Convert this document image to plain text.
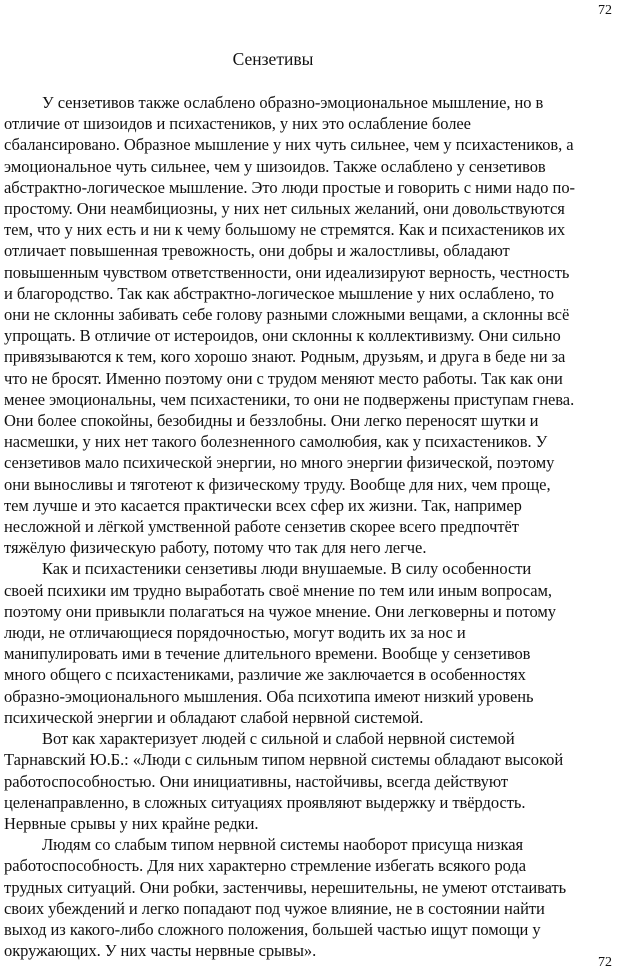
72
Сензетивы

У сензетивов также ослаблено образно-эмоциональное мышление, но в
отличие от шизоидов и психастеников, у них это ослабление более
сбалансировано. Образное мышление у них чуть сильнее, чем у психастеников, а
эмоциональное чуть сильнее, чем у шизоидов. Также ослаблено у сензетивов
абстрактно-логическое мышление. Это люди простые и говорить с ними надо по-
простому. Они неамбициозны, у них нет сильных желаний, они довольствуются
тем, что у них есть и ни к чему большому не стремятся. Как и психастеников их
отличает повышенная тревожность, они добры и жалостливы, обладают
повышенным чувством ответственности, они идеализируют верность, честность
и благородство. Так как абстрактно-логическое мышление у них ослаблено, то
они не склонны забивать себе голову разными сложными вещами, а склонны всё
упрощать. В отличие от истероидов, они склонны к коллективизму. Они сильно
привязываются к тем, кого хорошо знают. Родным, друзьям, и друга в беде ни за
что не бросят. Именно поэтому они с трудом меняют место работы. Так как они
менее эмоциональны, чем психастеники, то они не подвержены приступам гнева.
Они более спокойны, безобидны и беззлобны. Они легко переносят шутки и
насмешки, у них нет такого болезненного самолюбия, как у психастеников. У
сензетивов мало психической энергии, но много энергии физической, поэтому
они выносливы и тяготеют к физическому труду. Вообще для них, чем проще,
тем лучше и это касается практически всех сфер их жизни. Так, например
несложной и лёгкой умственной работе сензетив скорее всего предпочтёт
тяжёлую физическую работу, потому что так для него легче.

Как и психастеники сензетивы люди внушаемые. В силу особенности
своей психики им трудно выработать своё мнение по тем или иным вопросам,
поэтому они привыкли полагаться на чужое мнение. Они легковерны и потому
люди, не отличающиеся порядочностью, могут водить их за нос и
манипулировать ими в течение длительного времени. Вообще у сензетивов
много общего с психастениками, различие же заключается в особенностях
образно-эмоционального мышления. Оба психотипа имеют низкий уровень
психической энергии и обладают слабой нервной системой.

Вот как характеризует людей с сильной и слабой нервной системой
Тарнавский Ю.Б.: «Люди с сильным типом нервной системы обладают высокой
работоспособностью. Они инициативны, настойчивы, всегда действуют
целенаправленно, в сложных ситуациях проявляют выдержку и твёрдость.
Нервные срывы у них крайне редки.

Людям со слабым типом нервной системы наоборот присуща низкая
работоспособность. Для них характерно стремление избегать всякого рода
трудных ситуаций. Они робки, застенчивы, нерешительны, не умеют отстаивать
своих убеждений и легко попадают под чужое влияние, не в состоянии найти
выход из какого-либо сложного положения, большей частью ищут помощи у
окружающих. У них часты нервные срывы».

72
